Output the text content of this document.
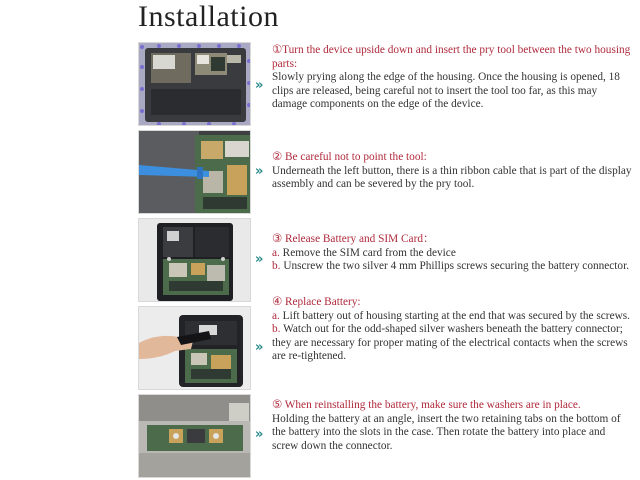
Installation
»
»
»
»
»
①Turn the device upside down and insert the pry tool between the two housing parts:
Slowly prying along the edge of the housing. Once the housing is opened, 18 clips are released, being careful not to insert the tool too far, as this may damage components on the edge of the device.
② Be careful not to point the tool:
Underneath the left button, there is a thin ribbon cable that is part of the display assembly and can be severed by the pry tool.
③ Release Battery and SIM Card：

a. Remove the SIM card from the device

b. Unscrew the two silver 4 mm Phillips screws securing the battery connector.

④ Replace Battery:

a. Lift battery out of housing starting at the end that was secured by the screws.

b. Watch out for the odd-shaped silver washers beneath the battery connector; they are necessary for proper mating of the electrical contacts when the screws are re-tightened.

⑤ When reinstalling the battery, make sure the washers are in place.
Holding the battery at an angle, insert the two retaining tabs on the bottom of the battery into the slots in the case. Then rotate the battery into place and screw down the connector.
